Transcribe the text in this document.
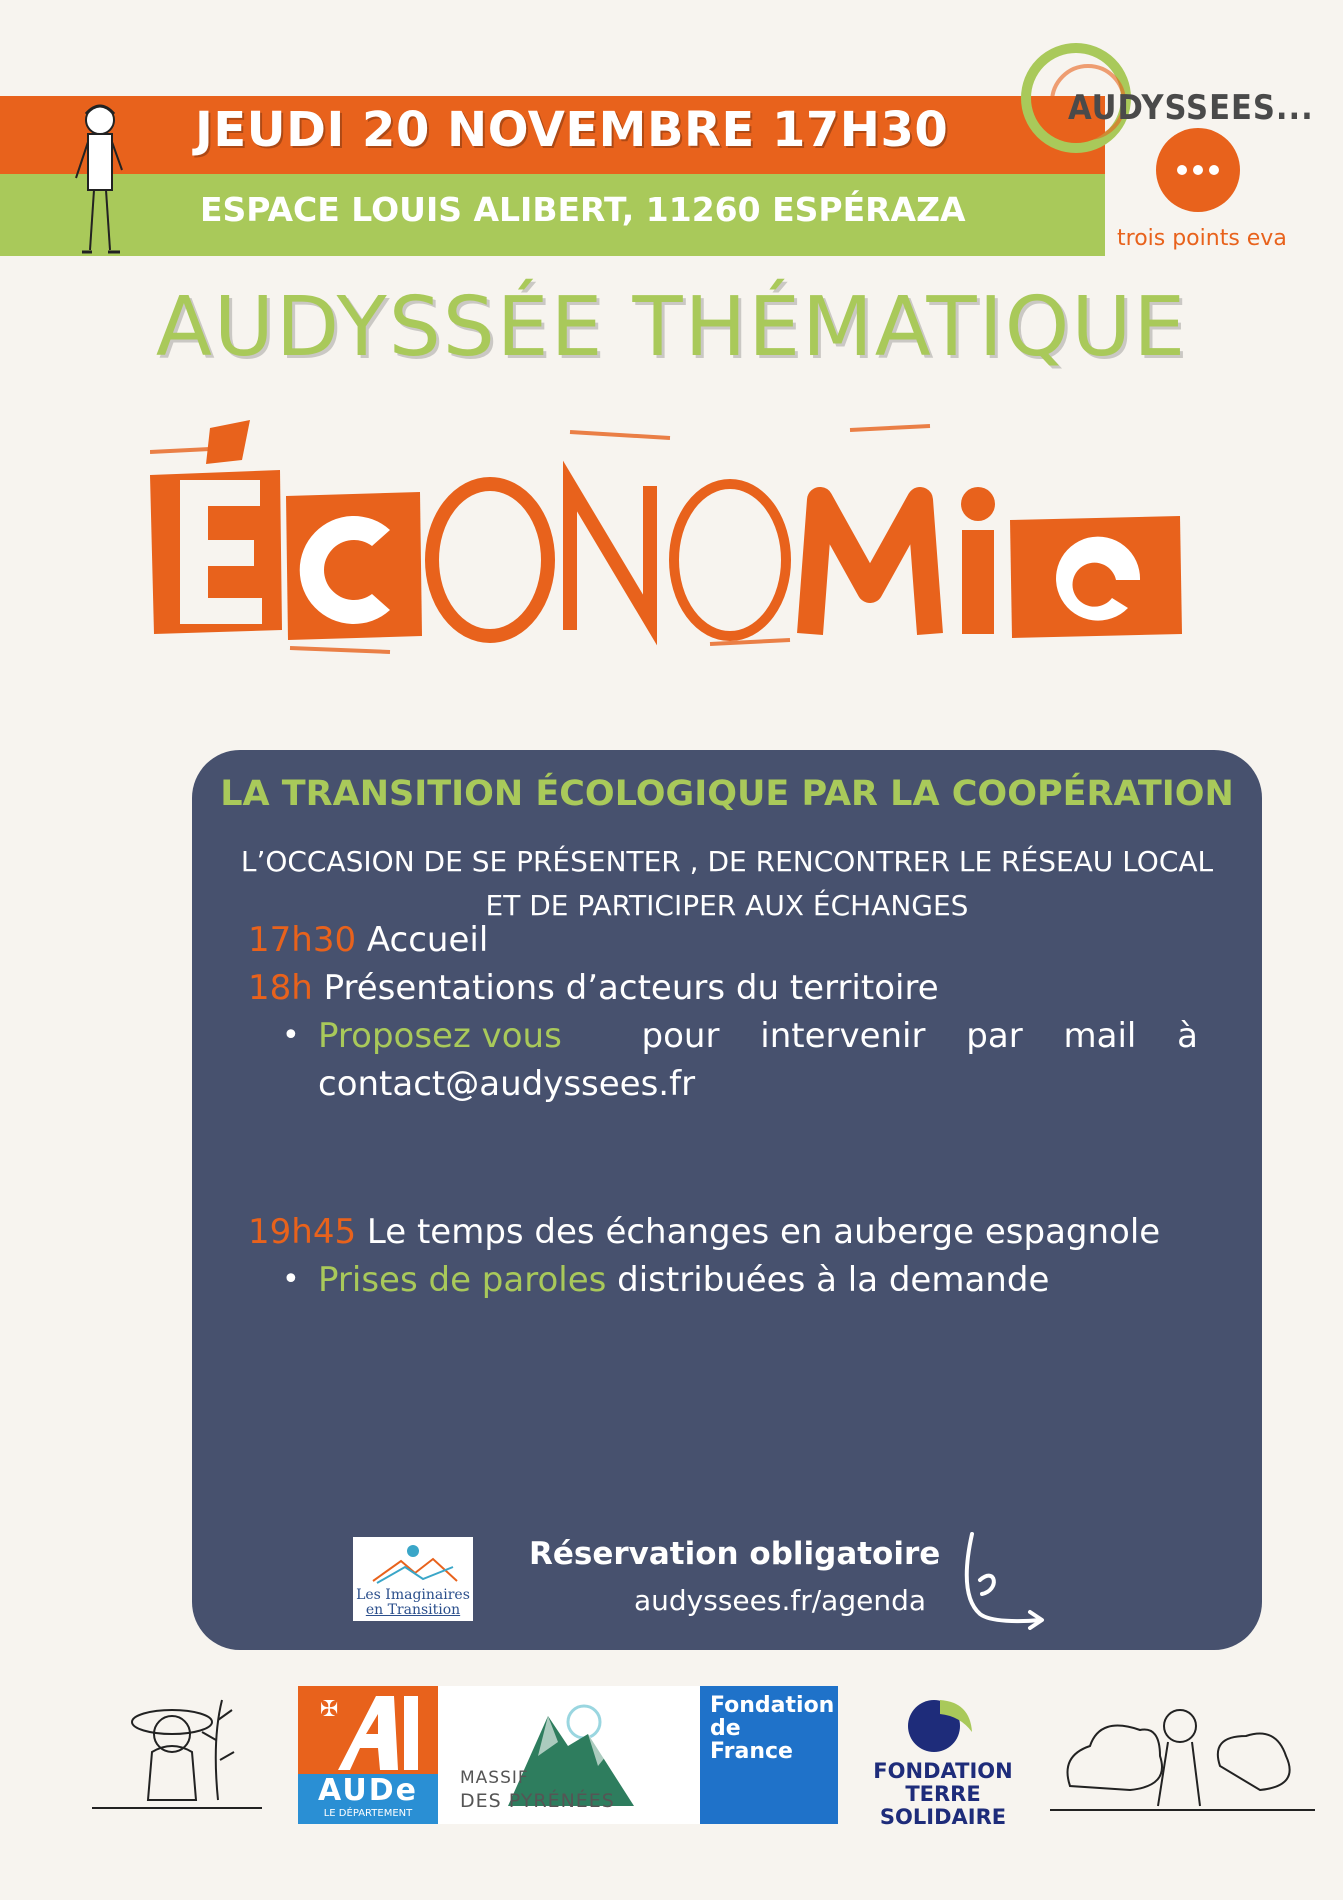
JEUDI 20 NOVEMBRE 17H30
ESPACE LOUIS ALIBERT, 11260 ESPÉRAZA
AUDYSSEES...
trois points eva
AUDYSSÉE THÉMATIQUE
LA TRANSITION ÉCOLOGIQUE PAR LA COOPÉRATION
L’OCCASION DE SE PRÉSENTER , DE RENCONTRER LE RÉSEAU LOCAL
ET DE PARTICIPER AUX ÉCHANGES
17h30 Accueil
18h Présentations d’acteurs du territoire
• Proposez vous pour intervenir par mail à
contact@audyssees.fr
19h45 Le temps des échanges en auberge espagnole
• Prises de paroles distribuées à la demande
Les Imaginaires
en Transition
Réservation obligatoire
audyssees.fr/agenda
✠
AUDe
LE DÉPARTEMENT
MASSIF
DES PYRÉNÉES
Fondation
de
France
FONDATION
TERRE SOLIDAIRE
